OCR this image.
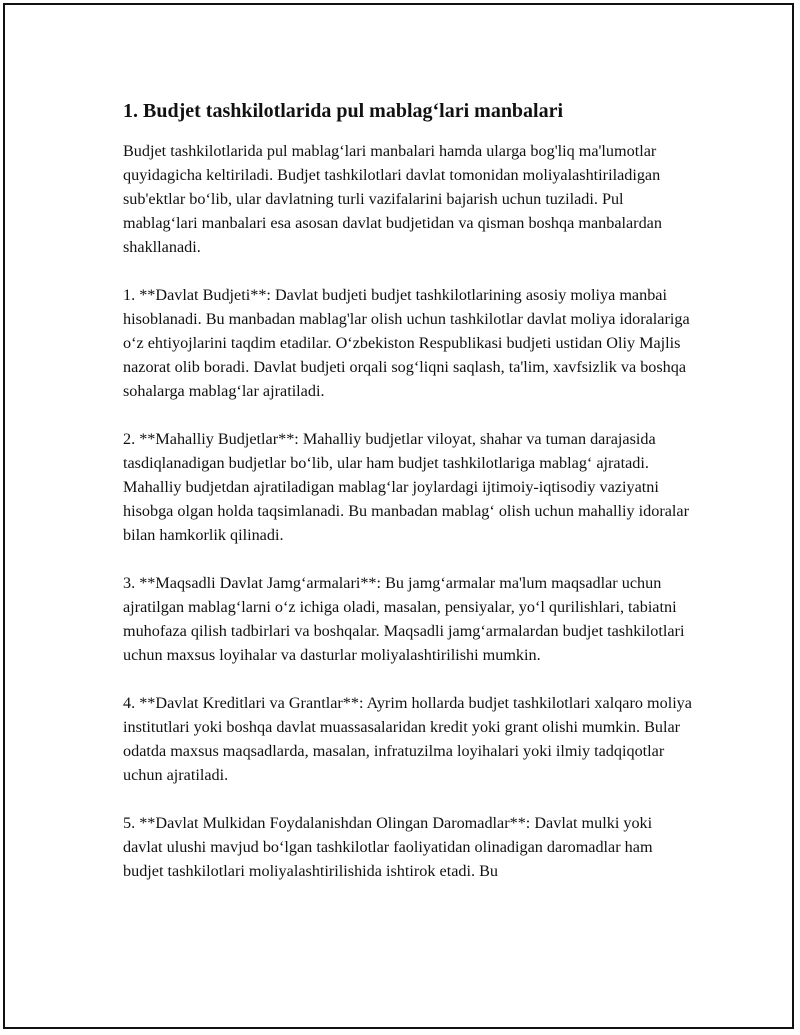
1. Budjet tashkilotlarida pul mablag‘lari manbalari

Budjet tashkilotlarida pul mablag‘lari manbalari hamda ularga bog'liq ma'lumotlar quyidagicha keltiriladi. Budjet tashkilotlari davlat tomonidan moliyalashtiriladigan sub'ektlar bo‘lib, ular davlatning turli vazifalarini bajarish uchun tuziladi. Pul mablag‘lari manbalari esa asosan davlat budjetidan va qisman boshqa manbalardan shakllanadi.

1. **Davlat Budjeti**: Davlat budjeti budjet tashkilotlarining asosiy moliya manbai hisoblanadi. Bu manbadan mablag'lar olish uchun tashkilotlar davlat moliya idoralariga o‘z ehtiyojlarini taqdim etadilar. O‘zbekiston Respublikasi budjeti ustidan Oliy Majlis nazorat olib boradi. Davlat budjeti orqali sog‘liqni saqlash, ta'lim, xavfsizlik va boshqa sohalarga mablag‘lar ajratiladi.

2. **Mahalliy Budjetlar**: Mahalliy budjetlar viloyat, shahar va tuman darajasida tasdiqlanadigan budjetlar bo‘lib, ular ham budjet tashkilotlariga mablag‘ ajratadi. Mahalliy budjetdan ajratiladigan mablag‘lar joylardagi ijtimoiy-iqtisodiy vaziyatni hisobga olgan holda taqsimlanadi. Bu manbadan mablag‘ olish uchun mahalliy idoralar bilan hamkorlik qilinadi.

3. **Maqsadli Davlat Jamg‘armalari**: Bu jamg‘armalar ma'lum maqsadlar uchun ajratilgan mablag‘larni o‘z ichiga oladi, masalan, pensiyalar, yo‘l qurilishlari, tabiatni muhofaza qilish tadbirlari va boshqalar. Maqsadli jamg‘armalardan budjet tashkilotlari uchun maxsus loyihalar va dasturlar moliyalashtirilishi mumkin.

4. **Davlat Kreditlari va Grantlar**: Ayrim hollarda budjet tashkilotlari xalqaro moliya institutlari yoki boshqa davlat muassasalaridan kredit yoki grant olishi mumkin. Bular odatda maxsus maqsadlarda, masalan, infratuzilma loyihalari yoki ilmiy tadqiqotlar uchun ajratiladi.

5. **Davlat Mulkidan Foydalanishdan Olingan Daromadlar**: Davlat mulki yoki davlat ulushi mavjud bo‘lgan tashkilotlar faoliyatidan olinadigan daromadlar ham budjet tashkilotlari moliyalashtirilishida ishtirok etadi. Bu
